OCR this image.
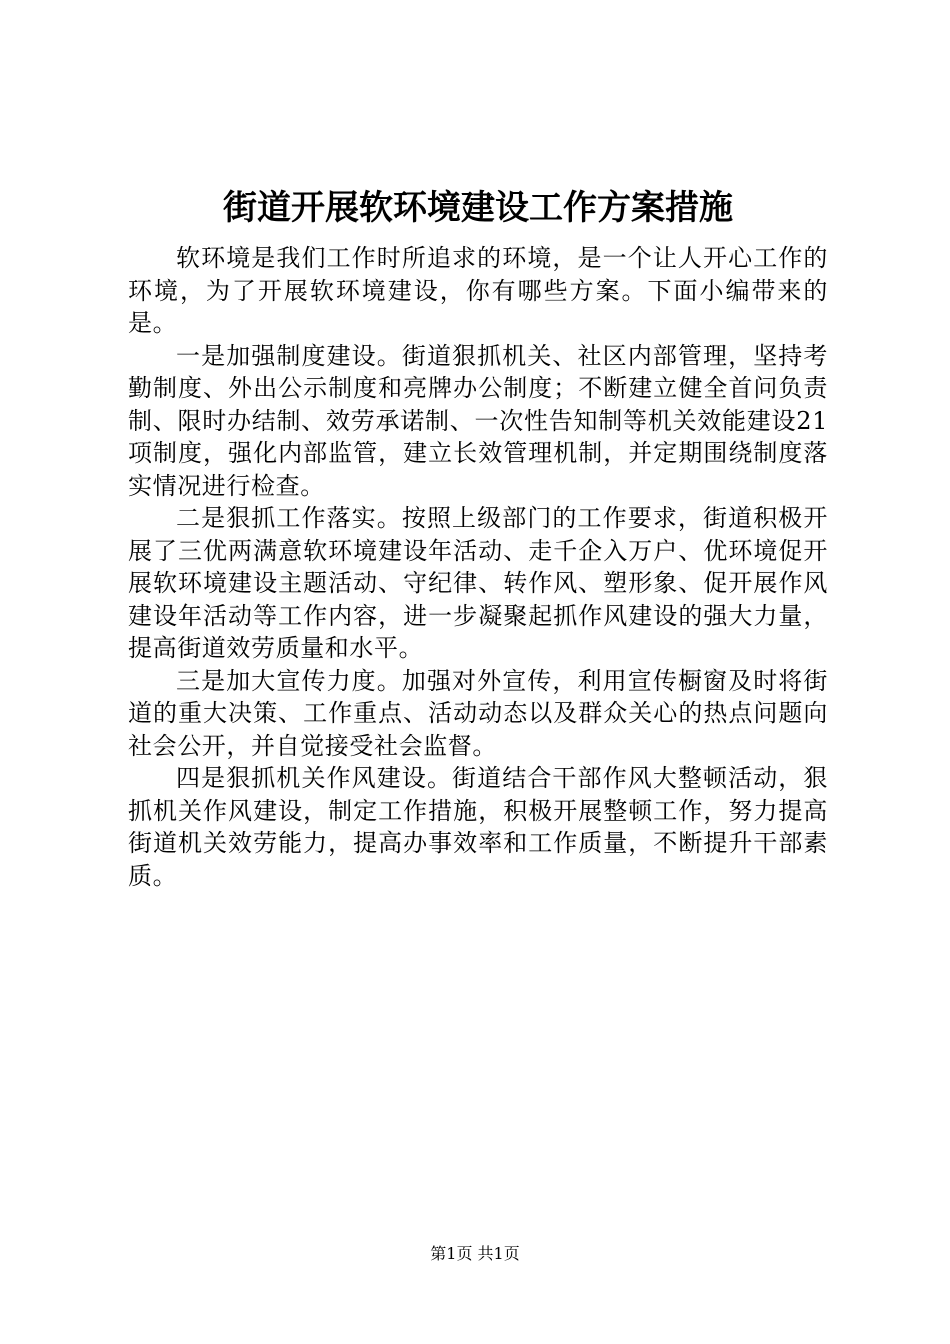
街道开展软环境建设工作方案措施

软环境是我们工作时所追求的环境，是一个让人开心工作的环境，为了开展软环境建设，你有哪些方案。下面小编带来的是。

一是加强制度建设。街道狠抓机关、社区内部管理，坚持考勤制度、外出公示制度和亮牌办公制度；不断建立健全首问负责制、限时办结制、效劳承诺制、一次性告知制等机关效能建设21项制度，强化内部监管，建立长效管理机制，并定期围绕制度落实情况进行检查。

二是狠抓工作落实。按照上级部门的工作要求，街道积极开展了三优两满意软环境建设年活动、走千企入万户、优环境促开展软环境建设主题活动、守纪律、转作风、塑形象、促开展作风建设年活动等工作内容，进一步凝聚起抓作风建设的强大力量，提高街道效劳质量和水平。

三是加大宣传力度。加强对外宣传，利用宣传橱窗及时将街道的重大决策、工作重点、活动动态以及群众关心的热点问题向社会公开，并自觉接受社会监督。

四是狠抓机关作风建设。街道结合干部作风大整顿活动，狠抓机关作风建设，制定工作措施，积极开展整顿工作，努力提高街道机关效劳能力，提高办事效率和工作质量，不断提升干部素质。

第1页 共1页
